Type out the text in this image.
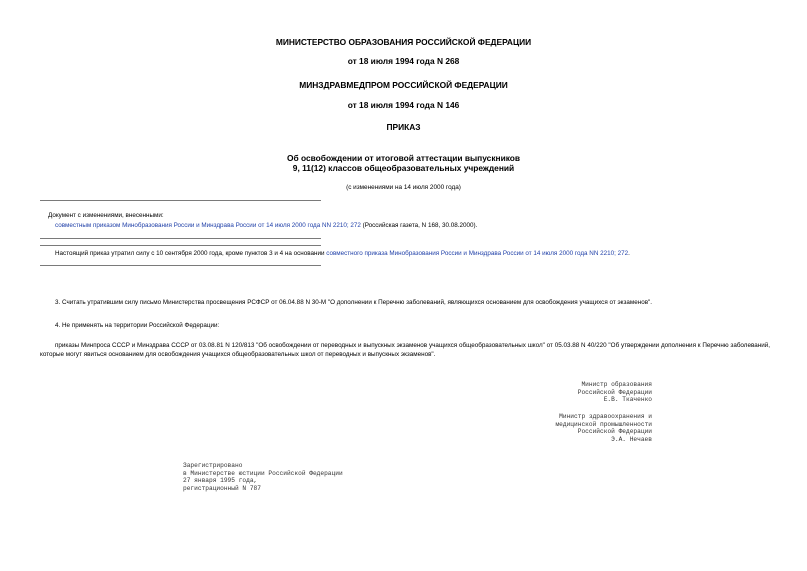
МИНИСТЕРСТВО ОБРАЗОВАНИЯ РОССИЙСКОЙ ФЕДЕРАЦИИ
от 18 июля 1994 года N 268
МИНЗДРАВМЕДПРОМ РОССИЙСКОЙ ФЕДЕРАЦИИ
от 18 июля 1994 года N 146
ПРИКАЗ
Об освобождении от итоговой аттестации выпускников
9, 11(12) классов общеобразовательных учреждений
(с изменениями на 14 июля 2000 года)
Документ с изменениями, внесенными:
совместным приказом Минобразования России и Минздрава России от 14 июля 2000 года NN 2210; 272 (Российская газета, N 168, 30.08.2000).
Настоящий приказ утратил силу с 10 сентября 2000 года, кроме пунктов 3 и 4 на основании совместного приказа Минобразования России и Минздрава России от 14 июля 2000 года NN 2210; 272.
3. Считать утратившим силу письмо Министерства просвещения РСФСР от 06.04.88 N 30-М "О дополнении к Перечню заболеваний, являющихся основанием для освобождения учащихся от экзаменов".
4. Не применять на территории Российской Федерации:
приказы Минпроса СССР и Минздрава СССР от 03.08.81 N 120/813 "Об освобождении от переводных и выпускных экзаменов учащихся общеобразовательных школ" от 05.03.88 N 40/220 "Об утверждении дополнения к Перечню заболеваний, которые могут явиться основанием для освобождения учащихся общеобразовательных школ от переводных и выпускных экзаменов".
Министр образования
Российской Федерации
Е.В. Ткаченко
Министр здравоохранения и
медицинской промышленности
Российской Федерации
Э.А. Нечаев
Зарегистрировано
в Министерстве юстиции Российской Федерации
27 января 1995 года,
регистрационный N 787
